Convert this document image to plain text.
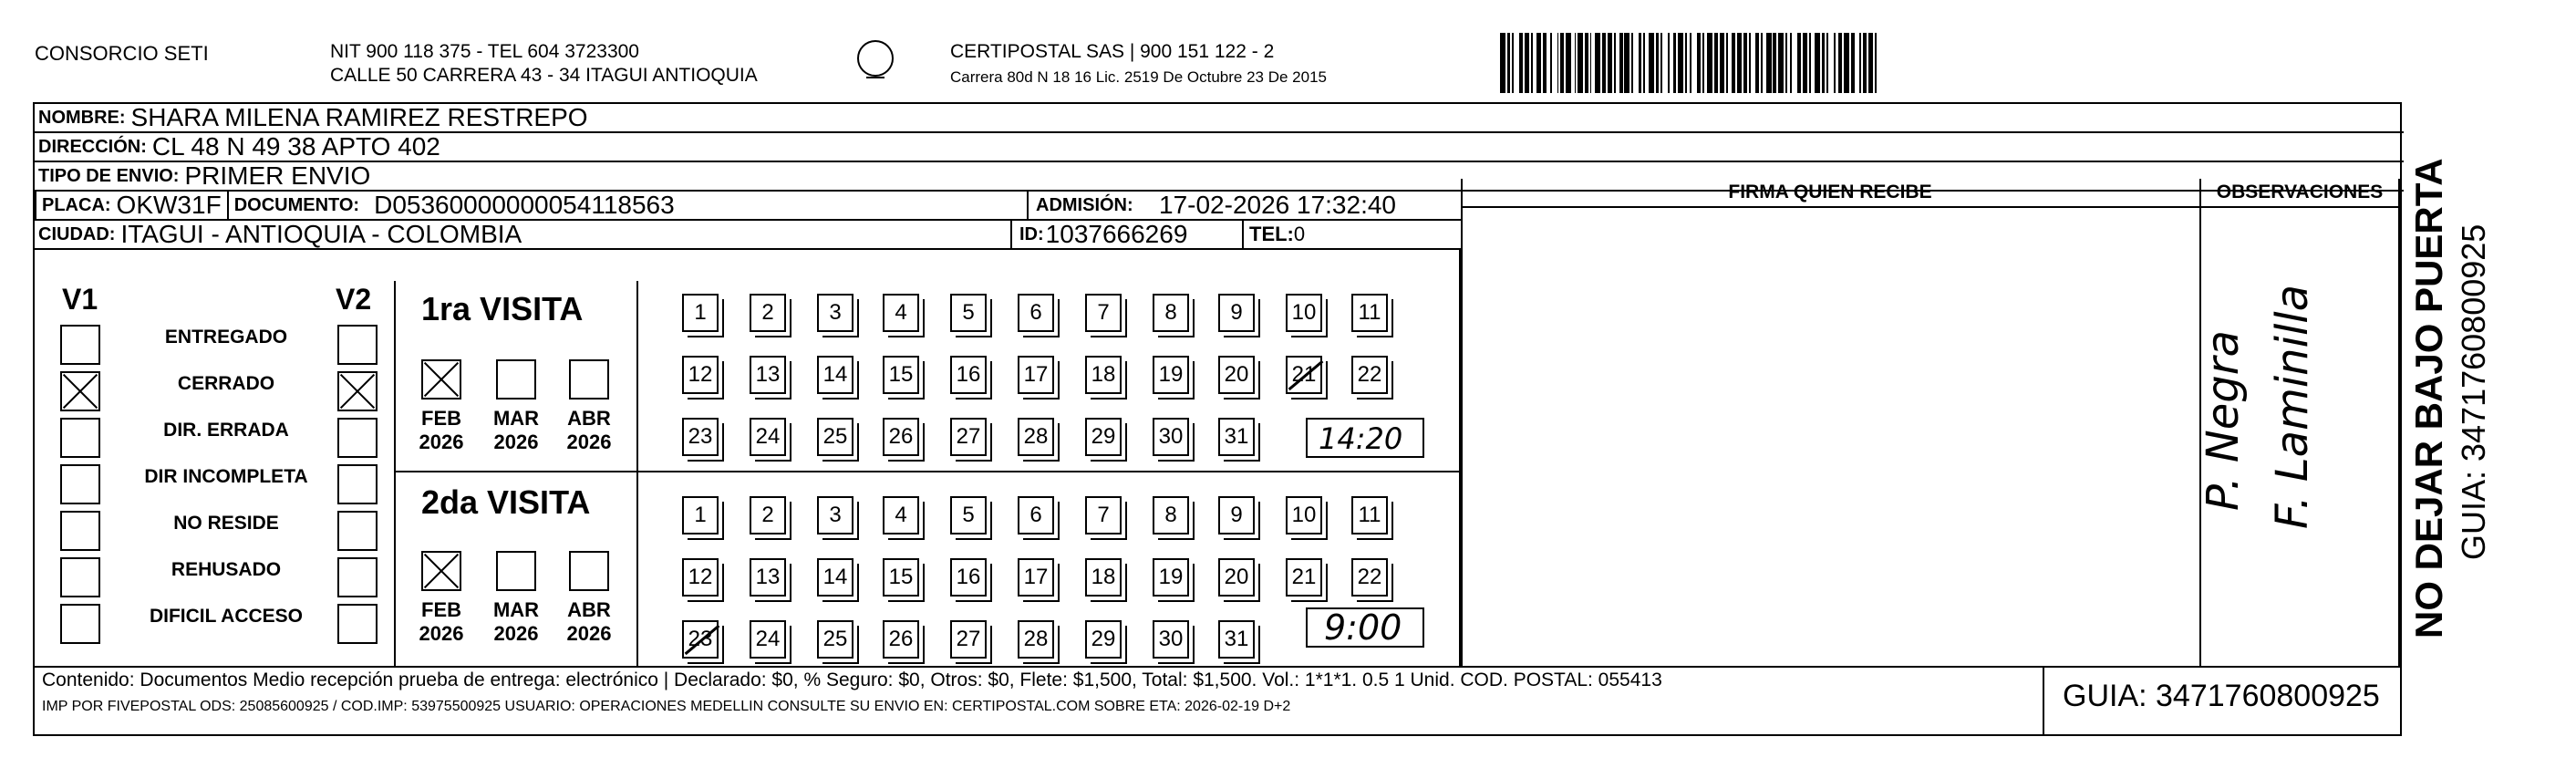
CONSORCIO SETI	NIT 900 118 375 - TEL 604 3723300
CALLE 50 CARRERA 43 - 34 ITAGUI ANTIOQUIA
CERTIPOSTAL SAS | 900 151 122 - 2
Carrera 80d N 18 16 Lic. 2519 De Octubre 23 De 2015
NOMBRE: SHARA MILENA RAMIREZ RESTREPO
DIRECCIÓN: CL 48 N 49 38 APTO 402
TIPO DE ENVIO: PRIMER ENVIO
PLACA: OKW31F DOCUMENTO: D05360000000054118563	ADMISIÓN: 17-02-2026 17:32:40
CIUDAD: ITAGUI - ANTIOQUIA - COLOMBIA	ID: 1037666269	TEL: 0
FIRMA QUIEN RECIBE	OBSERVACIONES
V1	V2
ENTREGADO
CERRADO
DIR. ERRADA
DIR INCOMPLETA
NO RESIDE
REHUSADO
DIFICIL ACCESO
1ra VISITA
FEB
2026
MAR
2026
ABR
2026
2da VISITA
FEB
2026
MAR
2026
ABR
2026
1	2	3	4	5	6	7	8	9	10	11
12 13 14 15 16 17 18 19 20 21 22
23 24 25 26 27 28 29 30 31
1	2	3	4	5	6	7	8	9	10	11
12 13 14 15 16 17 18 19 20 21 22
23 24 25 26 27 28 29 30 31
14:20
9:00
P. Negra F. Laminilla NO DEJAR BAJO PUERTA GUIA: 3471760800925
Contenido: Documentos Medio recepción prueba de entrega: electrónico | Declarado: $0, % Seguro: $0, Otros: $0, Flete: $1,500, Total: $1,500. Vol.: 1*1*1. 0.5 1 Unid. COD. POSTAL: 055413
IMP POR FIVEPOSTAL ODS: 25085600925 / COD.IMP: 53975500925 USUARIO: OPERACIONES MEDELLIN CONSULTE SU ENVIO EN: CERTIPOSTAL.COM SOBRE ETA: 2026-02-19 D+2	GUIA: 3471760800925
